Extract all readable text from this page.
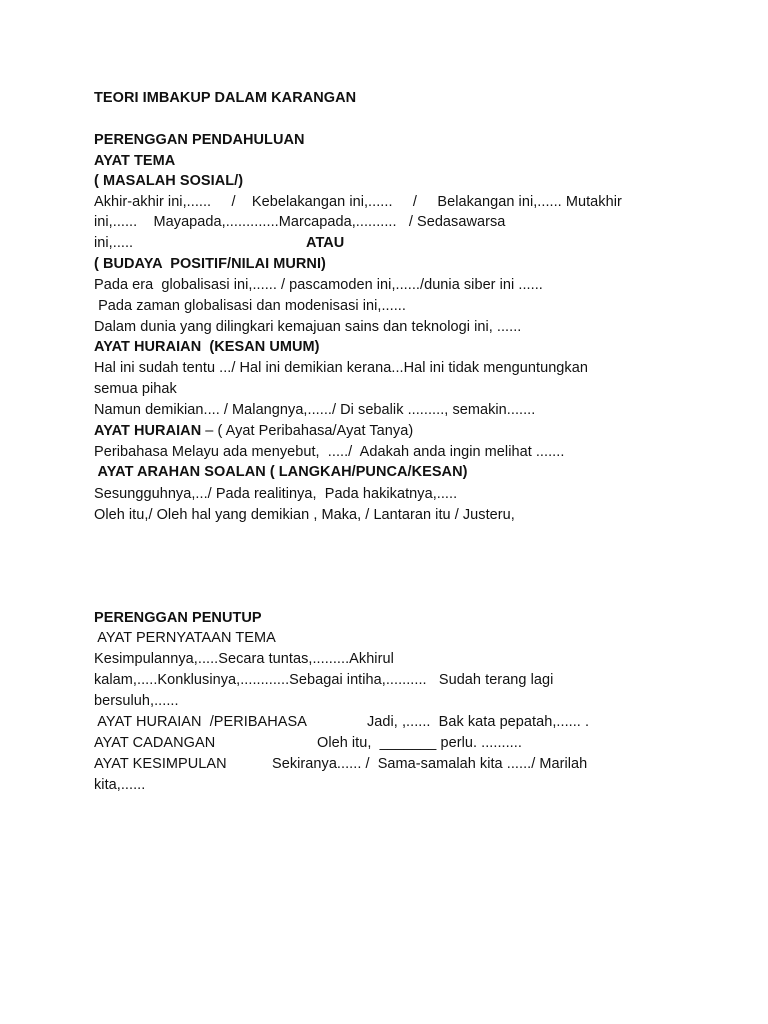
TEORI IMBAKUP DALAM KARANGAN
PERENGGAN PENDAHULUAN
AYAT TEMA
( MASALAH SOSIAL/)
Akhir-akhir ini,......     /    Kebelakangan ini,......     /     Belakangan ini,...... Mutakhir
ini,......    Mayapada,.............Marcapada,..........   / Sedasawarsa
ini,.....	ATAU
( BUDAYA  POSITIF/NILAI MURNI)
Pada era  globalisasi ini,...... / pascamoden ini,....../dunia siber ini ......
Pada zaman globalisasi dan modenisasi ini,......
Dalam dunia yang dilingkari kemajuan sains dan teknologi ini, ......
AYAT HURAIAN  (KESAN UMUM)
Hal ini sudah tentu .../ Hal ini demikian kerana...Hal ini tidak menguntungkan
semua pihak
Namun demikian.... / Malangnya,....../ Di sebalik ........., semakin.......
AYAT HURAIAN – ( Ayat Peribahasa/Ayat Tanya)
Peribahasa Melayu ada menyebut,  ...../  Adakah anda ingin melihat .......
AYAT ARAHAN SOALAN ( LANGKAH/PUNCA/KESAN)
Sesungguhnya,.../ Pada realitinya,  Pada hakikatnya,.....
Oleh itu,/ Oleh hal yang demikian , Maka, / Lantaran itu / Justeru,
PERENGGAN PENUTUP
AYAT PERNYATAAN TEMA
Kesimpulannya,.....Secara tuntas,.........Akhirul
kalam,.....Konklusinya,............Sebagai intiha,..........   Sudah terang lagi
bersuluh,......
AYAT HURAIAN  /PERIBAHASA	Jadi, ,......  Bak kata pepatah,...... .
AYAT CADANGAN	Oleh itu,  _______ perlu. ..........
AYAT KESIMPULAN	Sekiranya...... /  Sama-samalah kita ....../ Marilah
kita,......
